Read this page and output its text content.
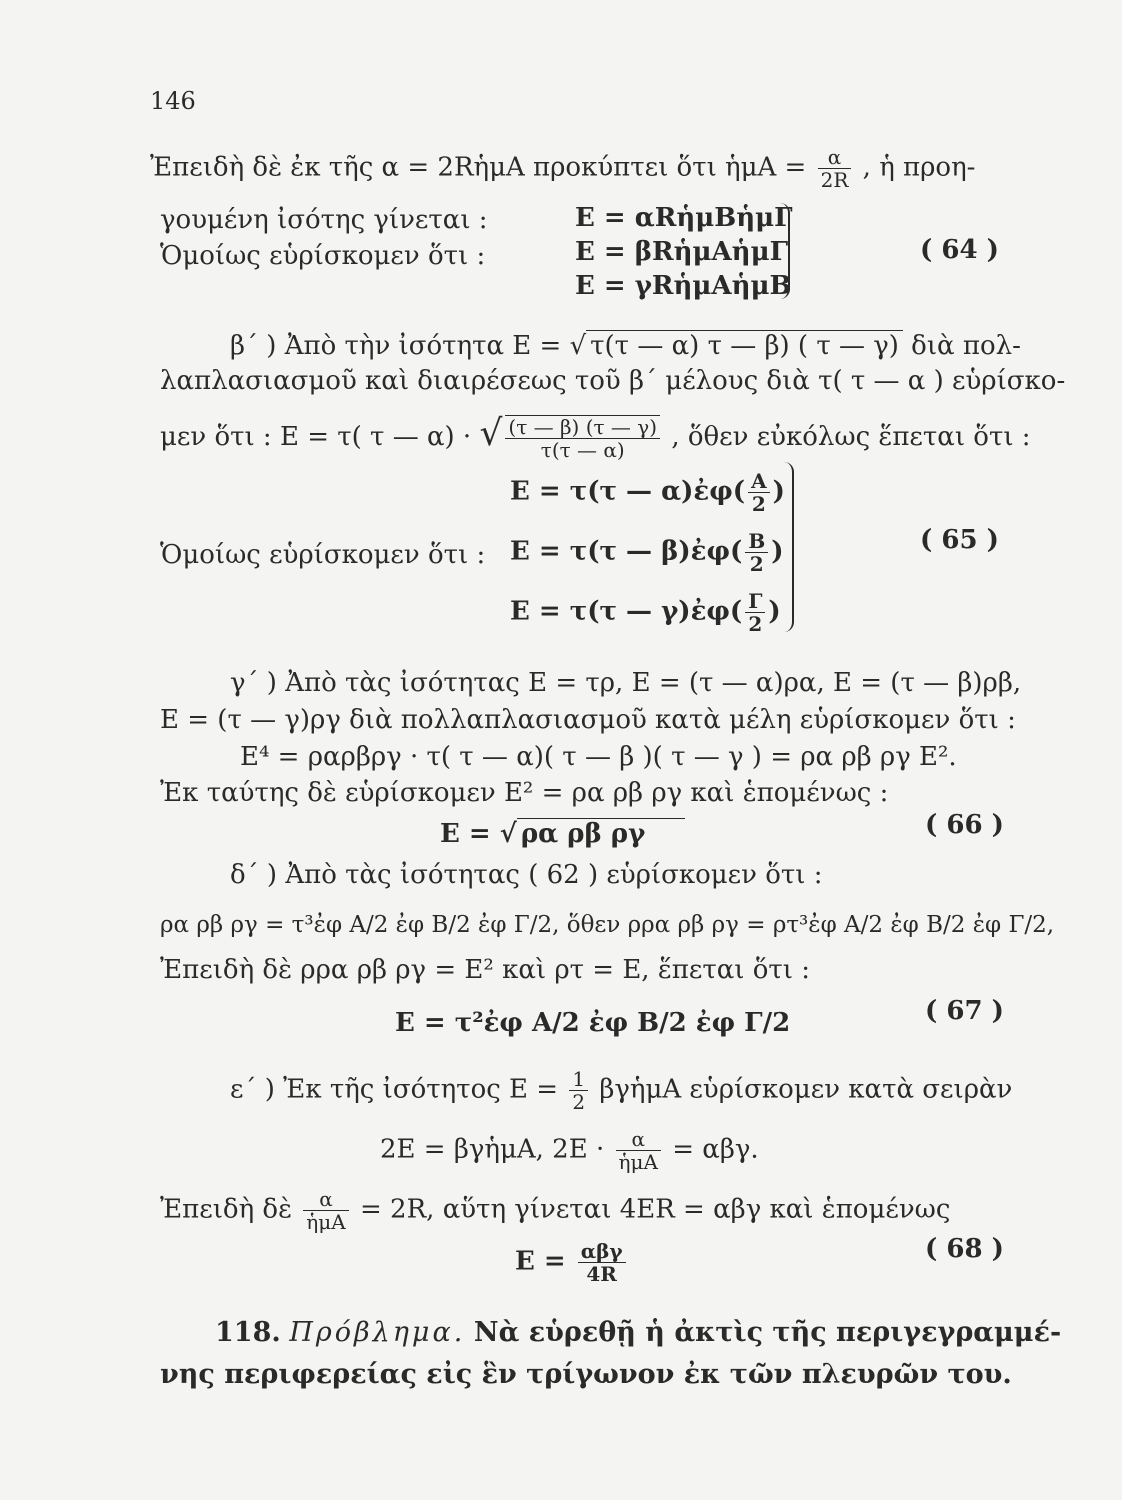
146
Ἐπειδὴ δὲ ἐκ τῆς α = 2RἡμΑ προκύπτει ὅτι ἡμΑ = $\frac{\alpha}{2R}$ , ἡ προη-
γουμένη ἰσότης γίνεται :
Ὁμοίως εὑρίσκομεν ὅτι :
Ε = αRἡμΒἡμΓ
Ε = βRἡμΑἡμΓ
Ε = γRἡμΑἡμΒ
( 64 )
β΄ ) Ἀπὸ τὴν ἰσότητα Ε = √ τ(τ — α) τ — β) ( τ — γ) διὰ πολ-
λαπλασιασμοῦ καὶ διαιρέσεως τοῦ β΄ μέλους διὰ τ( τ — α ) εὑρίσκο-
μεν ὅτι : Ε = τ( τ — α) · √ $\frac{(\tau — \beta) (\tau — \gamma)}{\tau(\tau — \alpha)}$ , ὅθεν εὐκόλως ἕπεται ὅτι :
Ὁμοίως εὑρίσκομεν ὅτι :
Ε = τ(τ — α)ἐφ( $\frac{A}{2}$ )
Ε = τ(τ — β)ἐφ( $\frac{B}{2}$ )
Ε = τ(τ — γ)ἐφ( $\frac{\Gamma}{2}$ )
( 65 )
γ΄ ) Ἀπὸ τὰς ἰσότητας Ε = τρ, Ε = (τ — α)ρα, Ε = (τ — β)ρβ,
Ε = (τ — γ)ργ διὰ πολλαπλασιασμοῦ κατὰ μέλη εὑρίσκομεν ὅτι :
Ε⁴ = ραρβργ · τ( τ — α)( τ — β )( τ — γ ) = ρα ρβ ργ Ε².
Ἐκ ταύτης δὲ εὑρίσκομεν Ε² = ρα ρβ ργ καὶ ἑπομένως :
Ε = √ ρα ρβ ργ	( 66 )
δ΄ ) Ἀπὸ τὰς ἰσότητας ( 62 ) εὑρίσκομεν ὅτι :
ρα ρβ ργ = τ³ἐφ Α/2 ἐφ Β/2 ἐφ Γ/2, ὅθεν ρρα ρβ ργ = ρτ³ἐφ Α/2 ἐφ Β/2 ἐφ Γ/2,
Ἐπειδὴ δὲ ρρα ρβ ργ = Ε² καὶ ρτ = Ε, ἕπεται ὅτι :
Ε = τ²ἐφ Α/2 ἐφ Β/2 ἐφ Γ/2	( 67 )
ε΄ ) Ἐκ τῆς ἰσότητος $E = \frac{1}{2}$ βγἡμΑ εὑρίσκομεν κατὰ σειρὰν
2Ε = βγἡμΑ, $2E \cdot \frac{\alpha}{\text{ἡμΑ}} = \alpha\beta\gamma$.
Ἐπειδὴ δὲ $\frac{\alpha}{\text{ἡμΑ}} = 2R$, αὕτη γίνεται 4ΕR = αβγ καὶ ἑπομένως
$E = \frac{\text{αβγ}}{4R}$	( 68 )
118. Πρόβλημα. Νὰ εὑρεθῇ ἡ ἀκτὶς τῆς περιγεγραμμέ-
νης περιφερείας εἰς ἓν τρίγωνον ἐκ τῶν πλευρῶν του.
